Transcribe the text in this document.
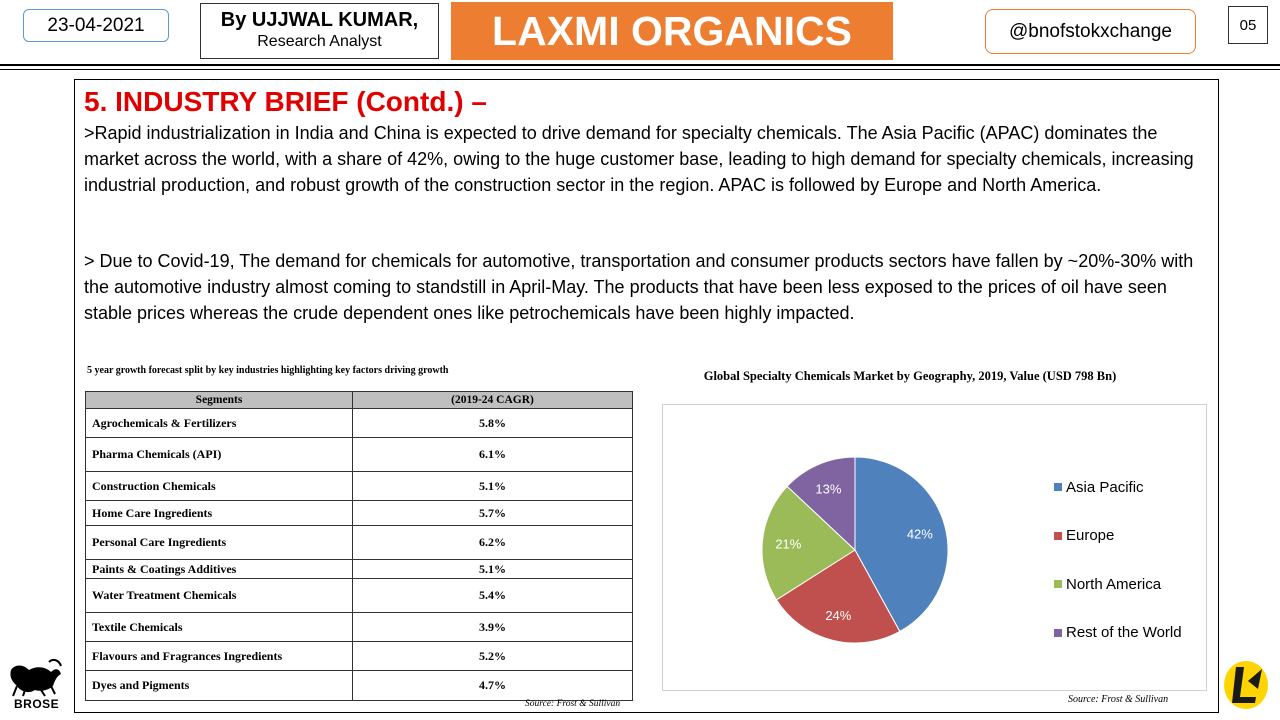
23-04-2021	By UJJWAL KUMAR,
Research Analyst	LAXMI ORGANICS	@bnofstokxchange	05
5. INDUSTRY BRIEF (Contd.) –

>Rapid industrialization in India and China is expected to drive demand for specialty chemicals. The Asia Pacific (APAC) dominates the market across the world, with a share of 42%, owing to the huge customer base, leading to high demand for specialty chemicals, increasing industrial production, and robust growth of the construction sector in the region. APAC is followed by Europe and North America.

> Due to Covid-19, The demand for chemicals for automotive, transportation and consumer products sectors have fallen by ~20%-30% with the automotive industry almost coming to standstill in April-May. The products that have been less exposed to the prices of oil have seen stable prices whereas the crude dependent ones like petrochemicals have been highly impacted.

5 year growth forecast split by key industries highlighting key factors driving growth
Segments	(2019-24 CAGR)
Agrochemicals & Fertilizers	5.8%
Pharma Chemicals (API)	6.1%
Construction Chemicals	5.1%
Home Care Ingredients	5.7%
Personal Care Ingredients	6.2%
Paints & Coatings Additives	5.1%
Water Treatment Chemicals	5.4%
Textile Chemicals	3.9%
Flavours and Fragrances Ingredients	5.2%
Dyes and Pigments	4.7%
Source: Frost & Sullivan
Global Specialty Chemicals Market by Geography, 2019, Value (USD 798 Bn)
42%
24%
21%
13%	Asia Pacific
Europe
North America
Rest of the World
Source: Frost & Sullivan
BROSE
